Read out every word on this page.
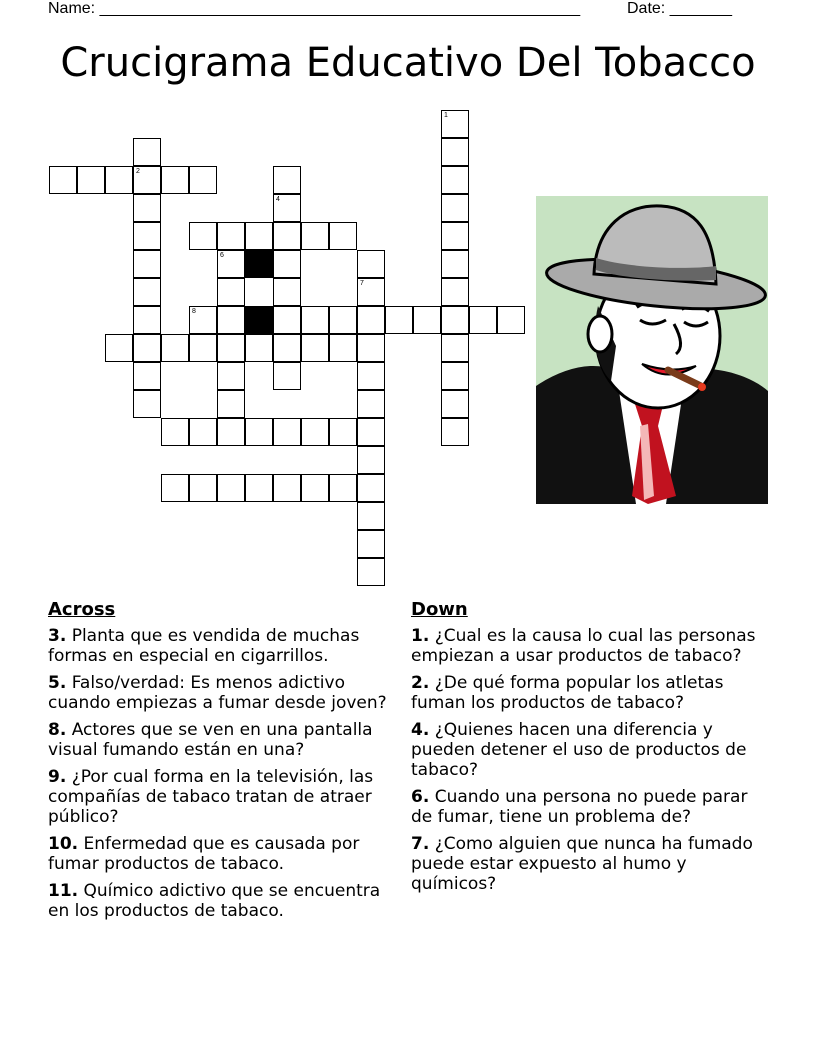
Name: ______________________________________________________	Date: _______
Crucigrama Educativo Del Tobacco
1
2
4
6
7
8
Across
3. Planta que es vendida de muchas formas en especial en cigarrillos.
5. Falso/verdad: Es menos adictivo cuando empiezas a fumar desde joven?
8. Actores que se ven en una pantalla visual fumando están en una?
9. ¿Por cual forma en la televisión, las compañías de tabaco tratan de atraer público?
10. Enfermedad que es causada por fumar productos de tabaco.
11. Químico adictivo que se encuentra en los productos de tabaco.
Down
1. ¿Cual es la causa lo cual las personas empiezan a usar productos de tabaco?
2. ¿De qué forma popular los atletas fuman los productos de tabaco?
4. ¿Quienes hacen una diferencia y pueden detener el uso de productos de tabaco?
6. Cuando una persona no puede parar de fumar, tiene un problema de?
7. ¿Como alguien que nunca ha fumado puede estar expuesto al humo y químicos?
